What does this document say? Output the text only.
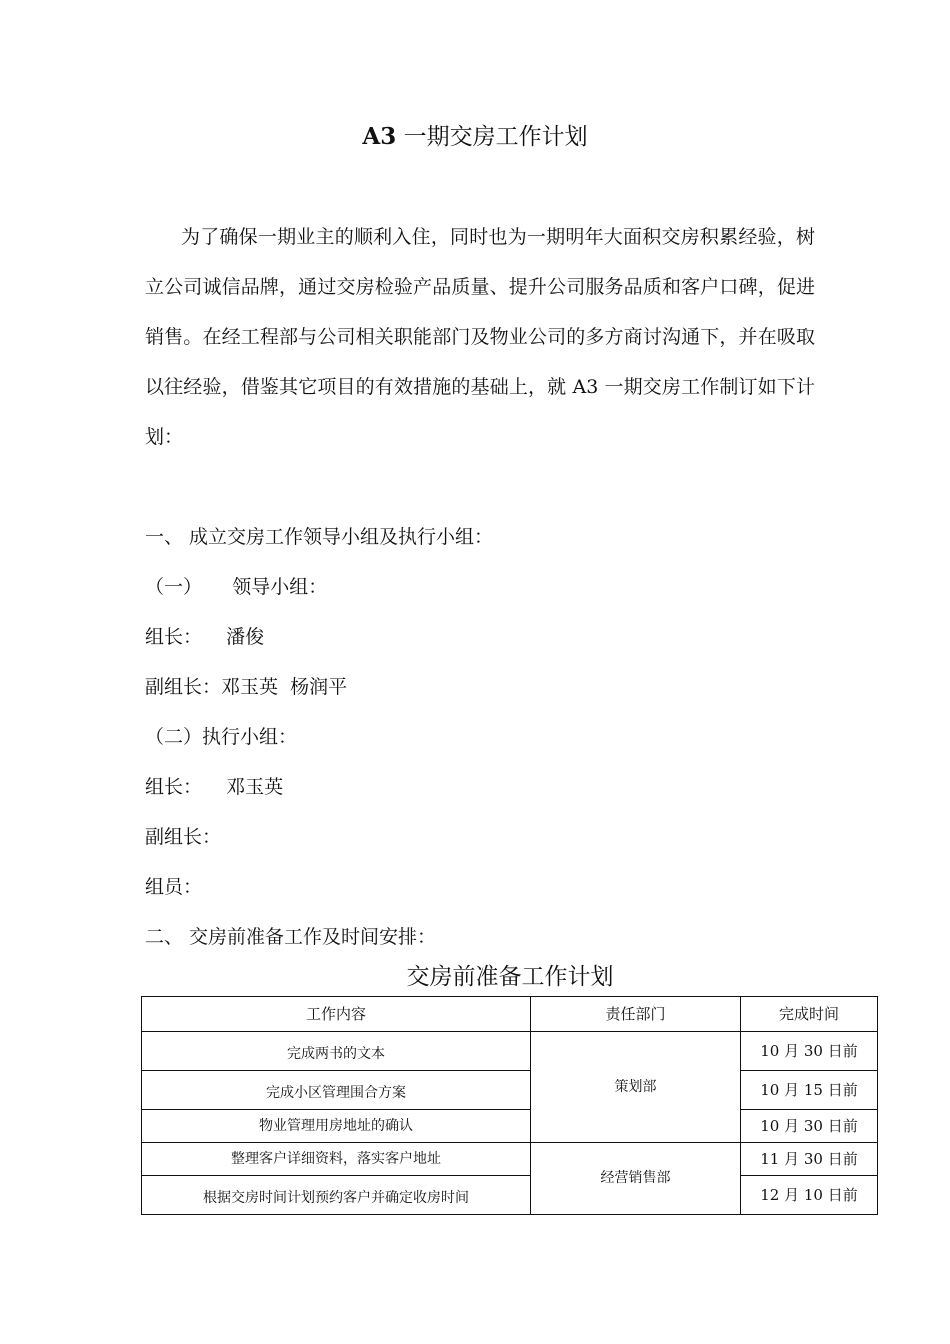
A3 一期交房工作计划
为了确保一期业主的顺利入住，同时也为一期明年大面积交房积累经验，树立公司诚信品牌，通过交房检验产品质量、提升公司服务品质和客户口碑，促进销售。在经工程部与公司相关职能部门及物业公司的多方商讨沟通下，并在吸取以往经验，借鉴其它项目的有效措施的基础上，就 A3 一期交房工作制订如下计划：
一、 成立交房工作领导小组及执行小组：
（一）     领导小组：
组长：    潘俊
副组长：邓玉英  杨润平
（二）执行小组：
组长：    邓玉英
副组长：
组员：
二、 交房前准备工作及时间安排：
交房前准备工作计划
工作内容	责任部门	完成时间
完成两书的文本	策划部	10 月 30 日前
完成小区管理围合方案		10 月 15 日前
物业管理用房地址的确认		10 月 30 日前
整理客户详细资料，落实客户地址	经营销售部	11 月 30 日前
根据交房时间计划预约客户并确定收房时间		12 月 10 日前
